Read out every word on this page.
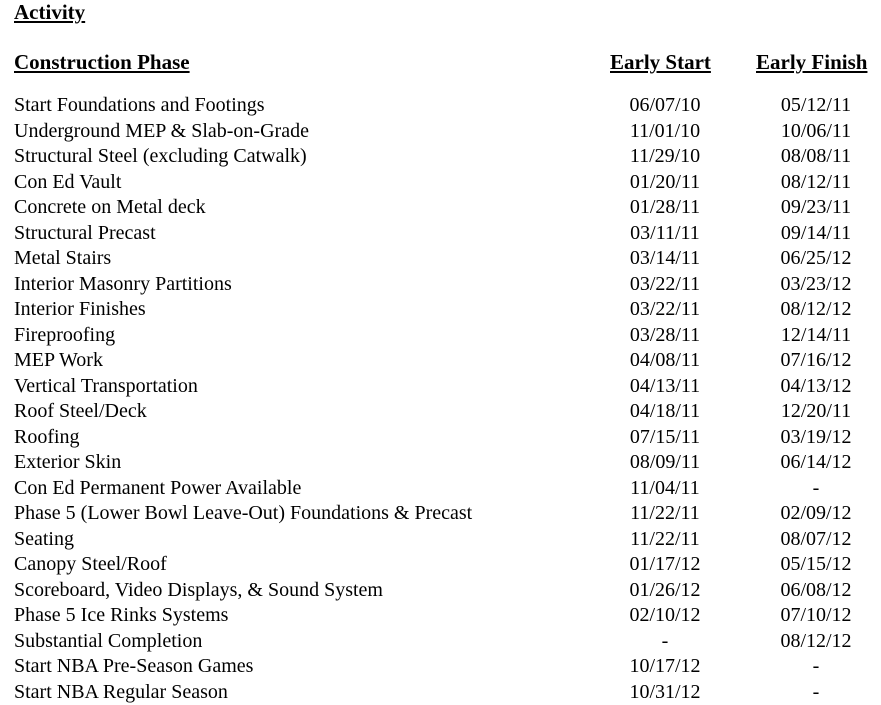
Activity
Construction Phase	Early Start Early Finish
Start Foundations and Footings	06/07/10	05/12/11
Underground MEP & Slab-on-Grade	11/01/10	10/06/11
Structural Steel (excluding Catwalk)	11/29/10	08/08/11
Con Ed Vault	01/20/11	08/12/11
Concrete on Metal deck	01/28/11	09/23/11
Structural Precast	03/11/11	09/14/11
Metal Stairs	03/14/11	06/25/12
Interior Masonry Partitions	03/22/11	03/23/12
Interior Finishes	03/22/11	08/12/12
Fireproofing	03/28/11	12/14/11
MEP Work	04/08/11	07/16/12
Vertical Transportation	04/13/11	04/13/12
Roof Steel/Deck	04/18/11	12/20/11
Roofing	07/15/11	03/19/12
Exterior Skin	08/09/11	06/14/12
Con Ed Permanent Power Available	11/04/11	-
Phase 5 (Lower Bowl Leave-Out) Foundations & Precast	11/22/11	02/09/12
Seating	11/22/11	08/07/12
Canopy Steel/Roof	01/17/12	05/15/12
Scoreboard, Video Displays, & Sound System	01/26/12	06/08/12
Phase 5 Ice Rinks Systems	02/10/12	07/10/12
Substantial Completion	-	08/12/12
Start NBA Pre-Season Games	10/17/12	-
Start NBA Regular Season	10/31/12	-
